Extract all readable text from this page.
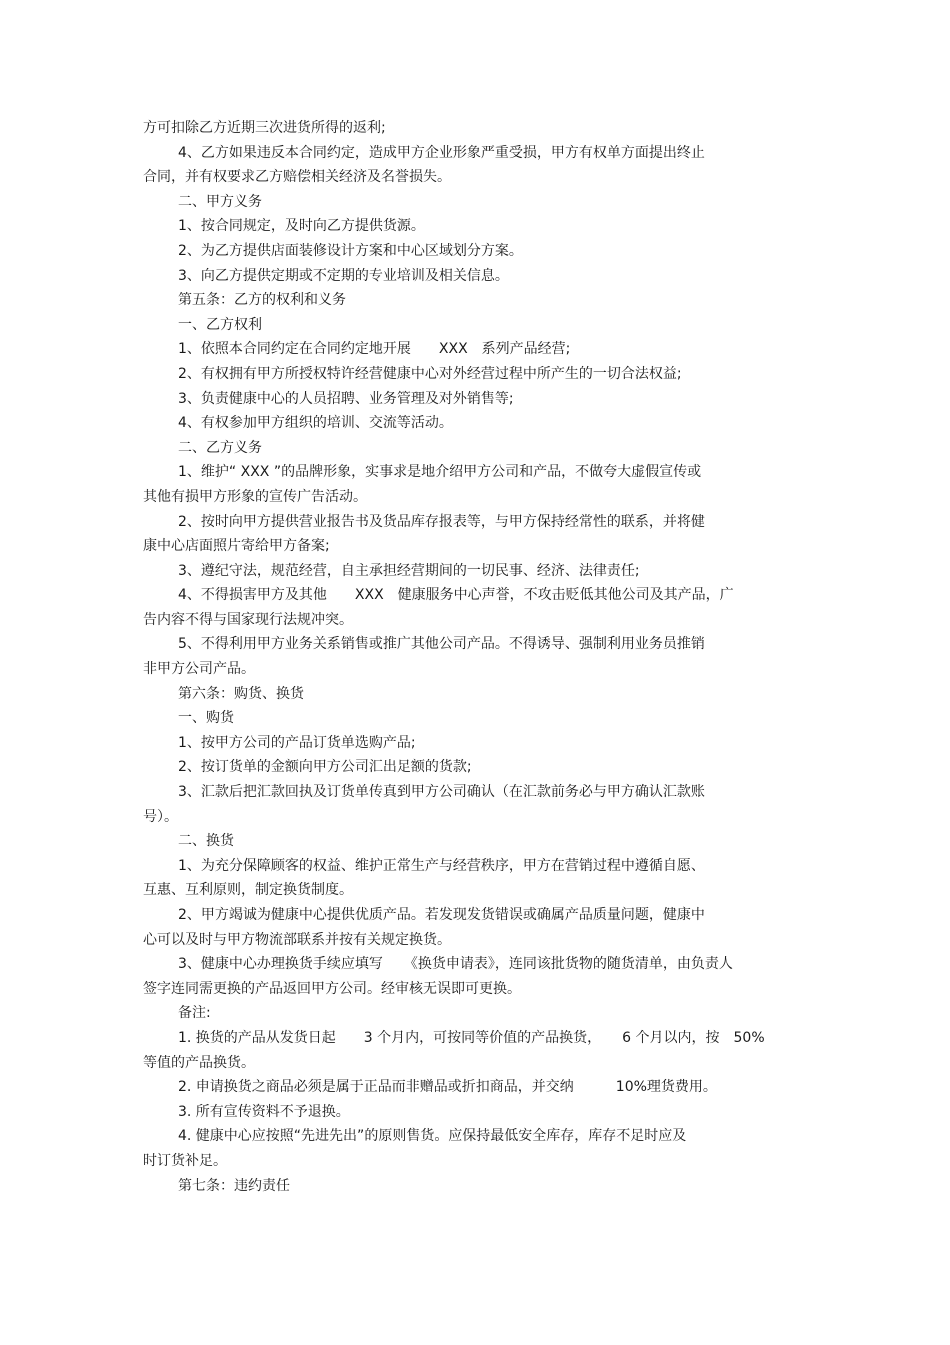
方可扣除乙方近期三次进货所得的返利;
4、乙方如果违反本合同约定，造成甲方企业形象严重受损，甲方有权单方面提出终止
合同，并有权要求乙方赔偿相关经济及名誉损失。
二、甲方义务
1、按合同规定，及时向乙方提供货源。
2、为乙方提供店面装修设计方案和中心区域划分方案。
3、向乙方提供定期或不定期的专业培训及相关信息。
第五条：乙方的权利和义务
一、乙方权利
1、依照本合同约定在合同约定地开展　　XXX　系列产品经营;
2、有权拥有甲方所授权特许经营健康中心对外经营过程中所产生的一切合法权益;
3、负责健康中心的人员招聘、业务管理及对外销售等;
4、有权参加甲方组织的培训、交流等活动。
二、乙方义务
1、维护“ XXX ”的品牌形象，实事求是地介绍甲方公司和产品，不做夸大虚假宣传或
其他有损甲方形象的宣传广告活动。
2、按时向甲方提供营业报告书及货品库存报表等，与甲方保持经常性的联系，并将健
康中心店面照片寄给甲方备案;
3、遵纪守法，规范经营，自主承担经营期间的一切民事、经济、法律责任;
4、不得损害甲方及其他　　XXX　健康服务中心声誉，不攻击贬低其他公司及其产品，广
告内容不得与国家现行法规冲突。
5、不得利用甲方业务关系销售或推广其他公司产品。不得诱导、强制利用业务员推销
非甲方公司产品。
第六条：购货、换货
一、购货
1、按甲方公司的产品订货单选购产品;
2、按订货单的金额向甲方公司汇出足额的货款;
3、汇款后把汇款回执及订货单传真到甲方公司确认（在汇款前务必与甲方确认汇款账
号）。
二、换货
1、为充分保障顾客的权益、维护正常生产与经营秩序，甲方在营销过程中遵循自愿、
互惠、互利原则，制定换货制度。
2、甲方竭诚为健康中心提供优质产品。若发现发货错误或确属产品质量问题，健康中
心可以及时与甲方物流部联系并按有关规定换货。
3、健康中心办理换货手续应填写　　《换货申请表》，连同该批货物的随货清单，由负责人
签字连同需更换的产品返回甲方公司。经审核无误即可更换。
备注:
1. 换货的产品从发货日起　　3 个月内，可按同等价值的产品换货，　　6 个月以内，按　50%
等值的产品换货。
2. 申请换货之商品必须是属于正品而非赠品或折扣商品，并交纳　　　10%理货费用。
3. 所有宣传资料不予退换。
4. 健康中心应按照“先进先出”的原则售货。应保持最低安全库存，库存不足时应及
时订货补足。
第七条：违约责任
